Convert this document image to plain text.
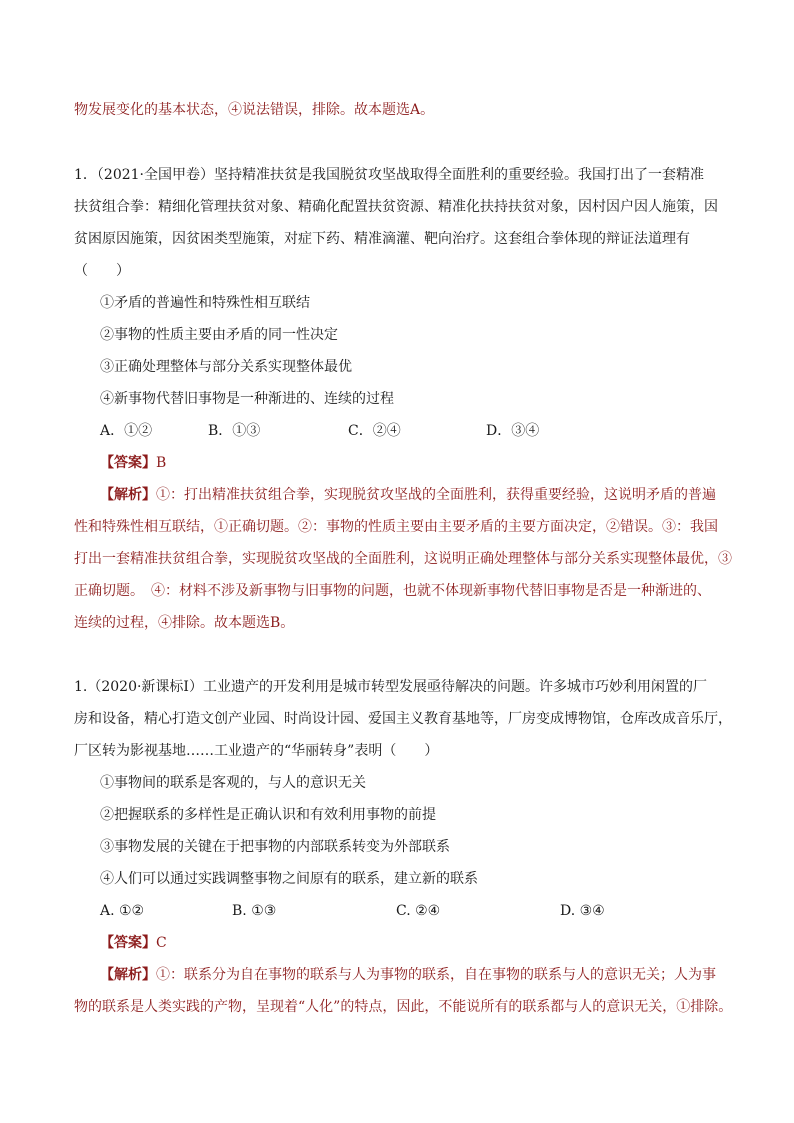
物发展变化的基本状态，④说法错误，排除。故本题选A。
1．（2021·全国甲卷）坚持精准扶贫是我国脱贫攻坚战取得全面胜利的重要经验。我国打出了一套精准
扶贫组合拳：精细化管理扶贫对象、精确化配置扶贫资源、精准化扶持扶贫对象，因村因户因人施策，因
贫困原因施策，因贫困类型施策，对症下药、精准滴灌、靶向治疗。这套组合拳体现的辩证法道理有
（　　）
①矛盾的普遍性和特殊性相互联结
②事物的性质主要由矛盾的同一性决定
③正确处理整体与部分关系实现整体最优
④新事物代替旧事物是一种渐进的、连续的过程
A．①②	B．①③	C．②④	D．③④
【答案】B
【解析】①：打出精准扶贫组合拳，实现脱贫攻坚战的全面胜利，获得重要经验，这说明矛盾的普遍
性和特殊性相互联结，①正确切题。②：事物的性质主要由主要矛盾的主要方面决定，②错误。③：我国
打出一套精准扶贫组合拳，实现脱贫攻坚战的全面胜利，这说明正确处理整体与部分关系实现整体最优，③
正确切题。　④：材料不涉及新事物与旧事物的问题，也就不体现新事物代替旧事物是否是一种渐进的、
连续的过程，④排除。故本题选B。
1.（2020·新课标Ⅰ）工业遗产的开发利用是城市转型发展亟待解决的问题。许多城市巧妙利用闲置的厂
房和设备，精心打造文创产业园、时尚设计园、爱国主义教育基地等，厂房变成博物馆，仓库改成音乐厅，
厂区转为影视基地……工业遗产的“华丽转身”表明（　　）
①事物间的联系是客观的，与人的意识无关
②把握联系的多样性是正确认识和有效利用事物的前提
③事物发展的关键在于把事物的内部联系转变为外部联系
④人们可以通过实践调整事物之间原有的联系，建立新的联系
A. ①②	B. ①③	C. ②④	D. ③④
【答案】C
【解析】①：联系分为自在事物的联系与人为事物的联系，自在事物的联系与人的意识无关；人为事
物的联系是人类实践的产物，呈现着“人化”的特点，因此，不能说所有的联系都与人的意识无关，①排除。
